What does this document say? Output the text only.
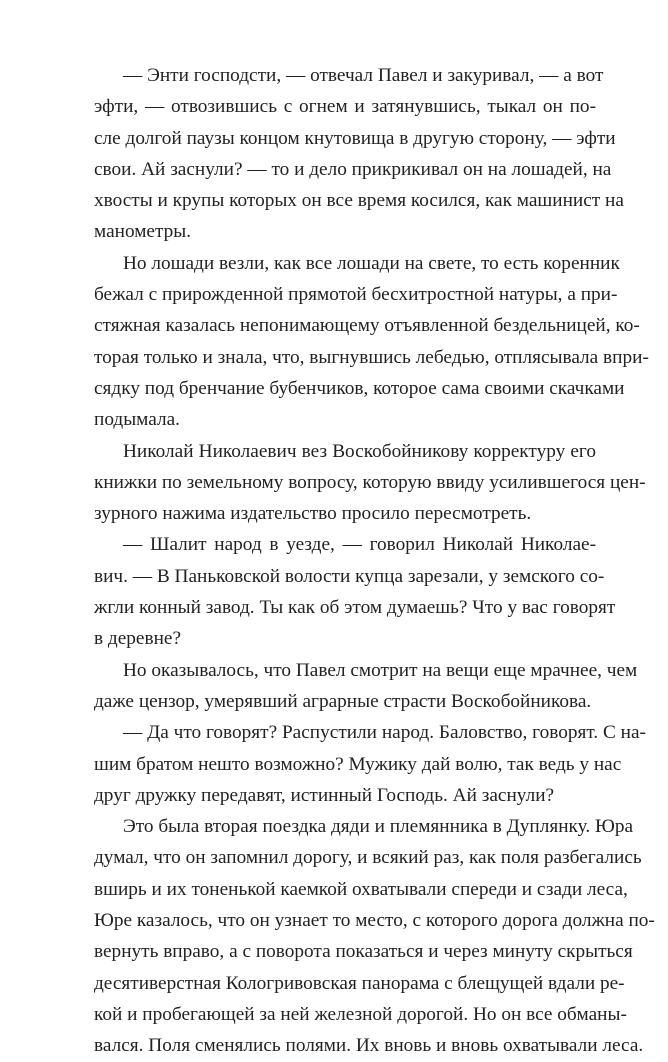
— Энти господсти, — отвечал Павел и закуривал, — а вот
эфти, — отвозившись с огнем и затянувшись, тыкал он по-
сле долгой паузы концом кнутовища в другую сторону, — эфти
свои. Ай заснули? — то и дело прикрикивал он на лошадей, на
хвосты и крупы которых он все время косился, как машинист на
манометры.
Но лошади везли, как все лошади на свете, то есть коренник
бежал с прирожденной прямотой бесхитростной натуры, а при-
стяжная казалась непонимающему отъявленной бездельницей, ко-
торая только и знала, что, выгнувшись лебедью, отплясывала впри-
сядку под бренчание бубенчиков, которое сама своими скачками
подымала.
Николай Николаевич вез Воскобойникову корректуру его
книжки по земельному вопросу, которую ввиду усилившегося цен-
зурного нажима издательство просило пересмотреть.
— Шалит народ в уезде, — говорил Николай Николае-
вич. — В Паньковской волости купца зарезали, у земского со-
жгли конный завод. Ты как об этом думаешь? Что у вас говорят
в деревне?
Но оказывалось, что Павел смотрит на вещи еще мрачнее, чем
даже цензор, умерявший аграрные страсти Воскобойникова.
— Да что говорят? Распустили народ. Баловство, говорят. С на-
шим братом нешто возможно? Мужику дай волю, так ведь у нас
друг дружку передавят, истинный Господь. Ай заснули?
Это была вторая поездка дяди и племянника в Дуплянку. Юра
думал, что он запомнил дорогу, и всякий раз, как поля разбегались
вширь и их тоненькой каемкой охватывали спереди и сзади леса,
Юре казалось, что он узнает то место, с которого дорога должна по-
вернуть вправо, а с поворота показаться и через минуту скрыться
десятиверстная Кологривовская панорама с блещущей вдали ре-
кой и пробегающей за ней железной дорогой. Но он все обманы-
вался. Поля сменялись полями. Их вновь и вновь охватывали леса.
